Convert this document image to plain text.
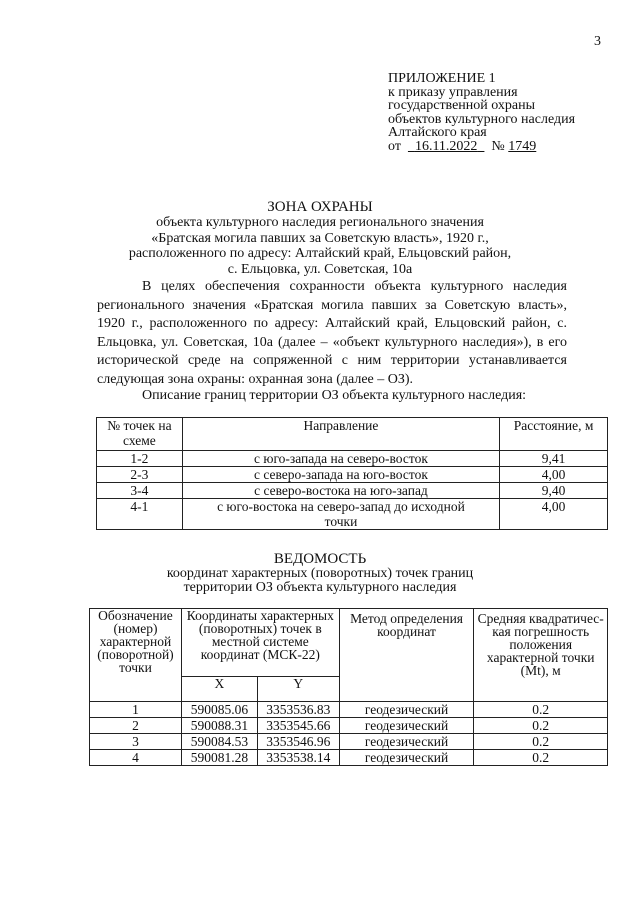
3
ПРИЛОЖЕНИЕ 1
к приказу управления
государственной охраны
объектов культурного наследия
Алтайского края
от 16.11.2022 № 1749
ЗОНА ОХРАНЫ
объекта культурного наследия регионального значения
«Братская могила павших за Советскую власть», 1920 г.,
расположенного по адресу: Алтайский край, Ельцовский район,
с. Ельцовка, ул. Советская, 10а
В целях обеспечения сохранности объекта культурного наследия регионального значения «Братская могила павших за Советскую власть», 1920 г., расположенного по адресу: Алтайский край, Ельцовский район, с. Ельцовка, ул. Советская, 10а (далее – «объект культурного наследия»), в его исторической среде на сопряженной с ним территории устанавливается следующая зона охраны: охранная зона (далее – ОЗ).
Описание границ территории ОЗ объекта культурного наследия:
№ точек на схеме	Направление	Расстояние, м
1-2	с юго-запада на северо-восток	9,41
2-3	с северо-запада на юго-восток	4,00
3-4	с северо-востока на юго-запад	9,40
4-1	с юго-востока на северо-запад до исходной точки	4,00
ВЕДОМОСТЬ
координат характерных (поворотных) точек границ
территории ОЗ объекта культурного наследия
Обозначение (номер) характерной (поворотной) точки	Координаты характерных (поворотных) точек в местной системе координат (МСК-22)		Метод определения координат	Средняя квадратичес-кая погрешность положения характерной точки (Mt), м
	X	Y		
1	590085.06	3353536.83	геодезический	0.2
2	590088.31	3353545.66	геодезический	0.2
3	590084.53	3353546.96	геодезический	0.2
4	590081.28	3353538.14	геодезический	0.2
